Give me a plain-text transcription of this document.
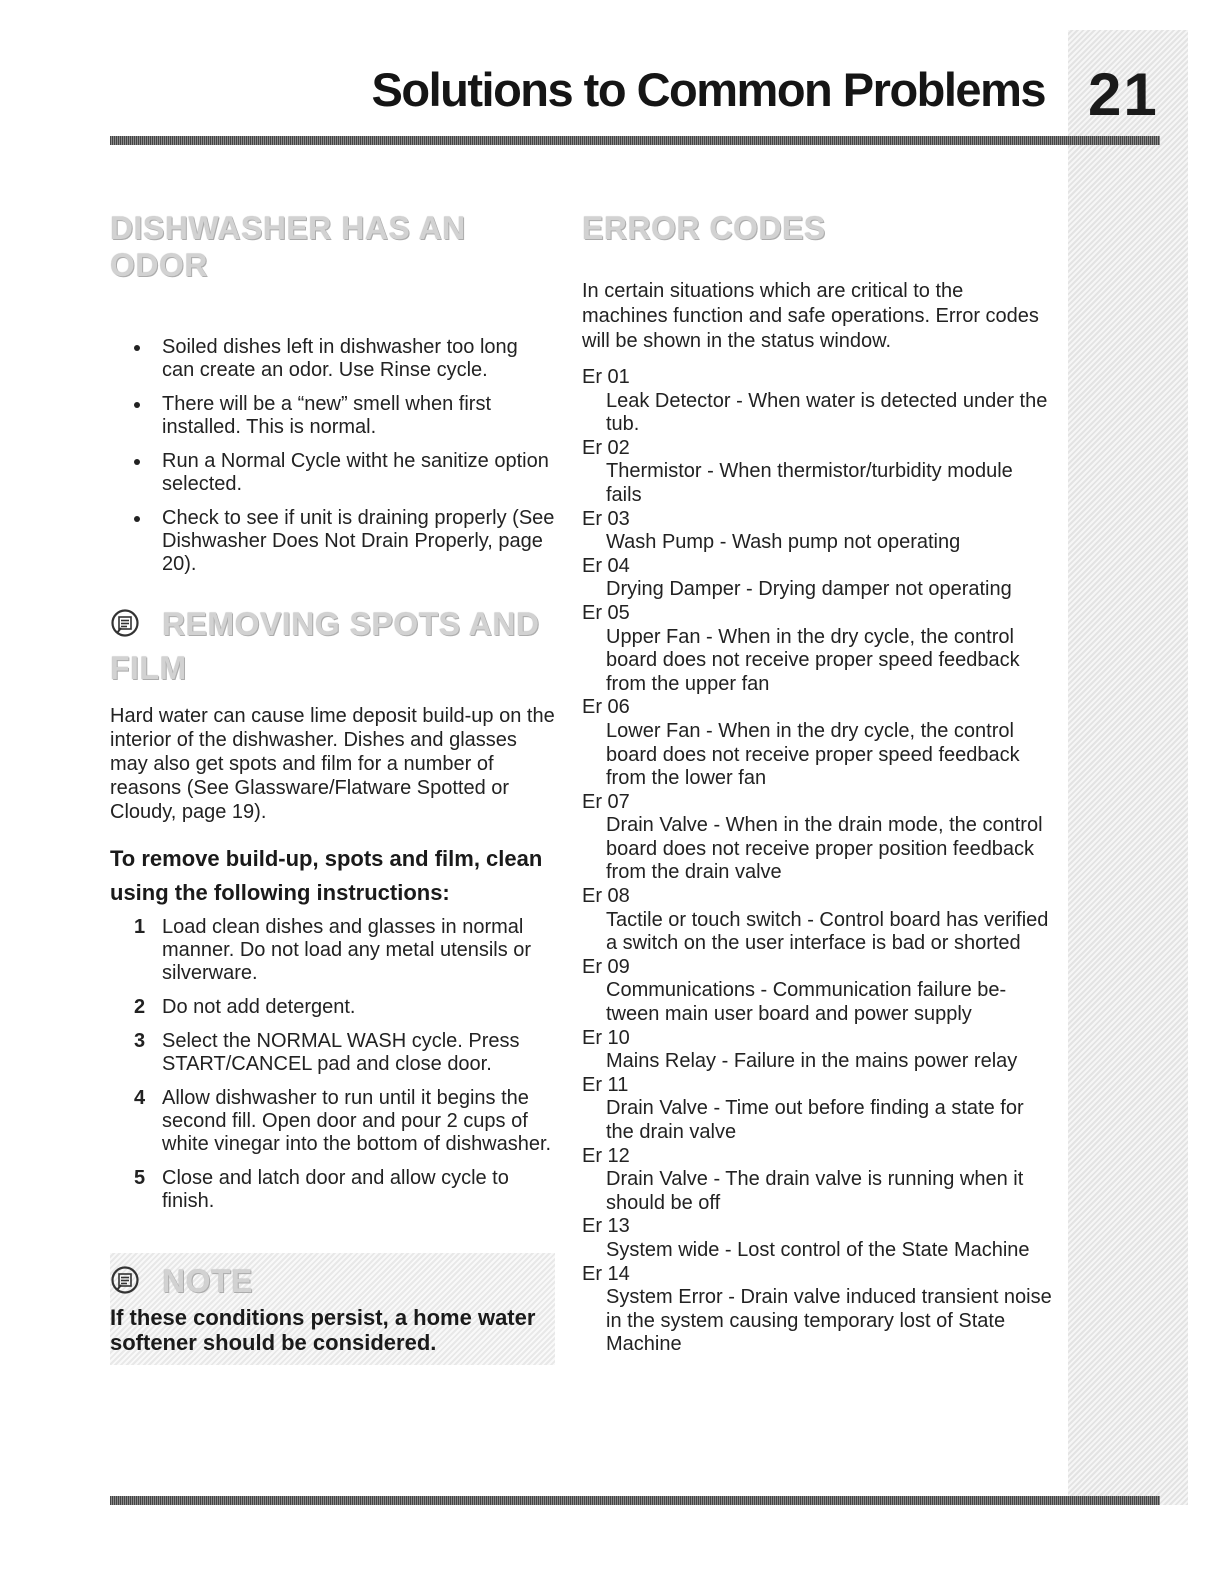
Solutions to Common Problems 21
DISHWASHER HAS AN ODOR
Soiled dishes left in dishwasher too long can create an odor. Use Rinse cycle.
There will be a “new” smell when first installed. This is normal.
Run a Normal Cycle witht he sanitize option selected.
Check to see if unit is draining properly (See Dishwasher Does Not Drain Properly, page 20).
REMOVING SPOTS AND FILM

Hard water can cause lime deposit build-up on the interior of the dishwasher. Dishes and glasses may also get spots and film for a number of reasons (See Glassware/Flatware Spotted or Cloudy, page 19).

To remove build-up, spots and film, clean using the following instructions:
1 Load clean dishes and glasses in normal manner. Do not load any metal utensils or silverware.
2 Do not add detergent.
3 Select the NORMAL WASH cycle. Press START/CANCEL pad and close door.
4 Allow dishwasher to run until it begins the second fill. Open door and pour 2 cups of white vinegar into the bottom of dishwasher.
5 Close and latch door and allow cycle to finish.
NOTE

If these conditions persist, a home water softener should be considered.

ERROR CODES

In certain situations which are critical to the machines function and safe operations. Error codes will be shown in the status window.

Er 01

Leak Detector - When water is detected under the tub.

Er 02

Thermistor - When thermistor/turbidity module fails

Er 03

Wash Pump - Wash pump not operating

Er 04

Drying Damper - Drying damper not operating

Er 05

Upper Fan - When in the dry cycle, the control board does not receive proper speed feedback from the upper fan

Er 06

Lower Fan - When in the dry cycle, the control board does not receive proper speed feedback from the lower fan

Er 07

Drain Valve - When in the drain mode, the control board does not receive proper position feedback from the drain valve

Er 08

Tactile or touch switch - Control board has verified a switch on the user interface is bad or shorted

Er 09

Communications - Communication failure be-tween main user board and power supply

Er 10

Mains Relay - Failure in the mains power relay

Er 11

Drain Valve - Time out before finding a state for the drain valve

Er 12

Drain Valve - The drain valve is running when it should be off

Er 13

System wide - Lost control of the State Machine

Er 14

System Error - Drain valve induced transient noise in the system causing temporary lost of State Machine
